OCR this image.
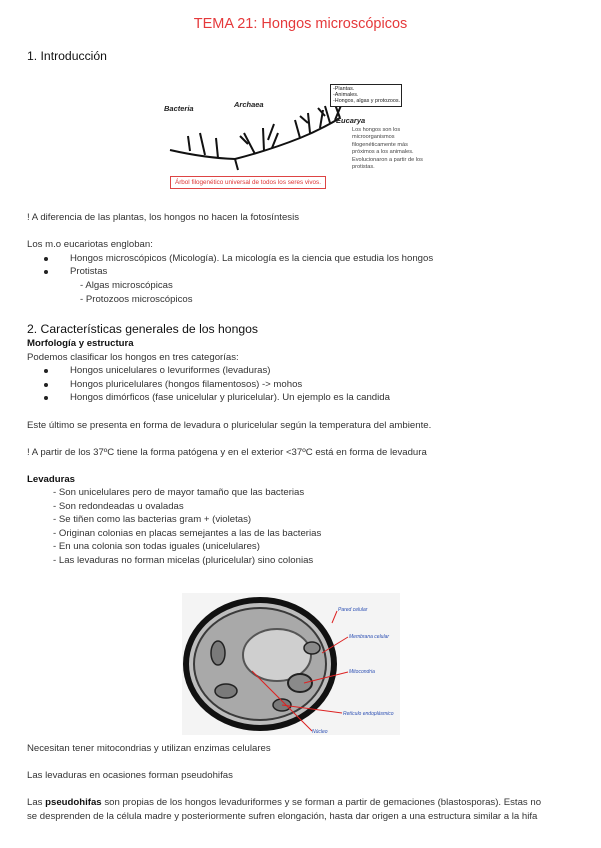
TEMA 21: Hongos microscópicos
1. Introducción
Bacteria	Archaea
Eucarya
-Plantas.
-Animales.
-Hongos, algas y protozoos.
Los hongos son los microorganismos filogenéticamente más próximos a los animales. Evolucionaron a partir de los protistas.
Árbol filogenético universal de todos los seres vivos.
! A diferencia de las plantas, los hongos no hacen la fotosíntesis
Los m.o eucariotas engloban:
Hongos microscópicos (Micología). La micología es la ciencia que estudia los hongos
Protistas
- Algas microscópicas
- Protozoos microscópicos
2. Características generales de los hongos
Morfología y estructura
Podemos clasificar los hongos en tres categorías:
Hongos unicelulares o levuriformes (levaduras)
Hongos pluricelulares (hongos filamentosos) -> mohos
Hongos dimórficos (fase unicelular y pluricelular). Un ejemplo es la candida
Este último se presenta en forma de levadura o pluricelular según la temperatura del ambiente.
! A partir de los 37ºC tiene la forma patógena y en el exterior <37ºC está en forma de levadura
Levaduras
- Son unicelulares pero de mayor tamaño que las bacterias
- Son redondeadas u ovaladas
- Se tiñen como las bacterias gram + (violetas)
- Originan colonias en placas semejantes a las de las bacterias
- En una colonia son todas iguales (unicelulares)
- Las levaduras no forman micelas (pluricelular) sino colonias
Pared celular
Membrana celular
Mitocondria
Retículo endoplásmico
Núcleo
Necesitan tener mitocondrias y utilizan enzimas celulares
Las levaduras en ocasiones forman pseudohifas
Las pseudohifas son propias de los hongos levaduriformes y se forman a partir de gemaciones (blastosporas). Estas no
se desprenden de la célula madre y posteriormente sufren elongación, hasta dar origen a una estructura similar a la hifa
